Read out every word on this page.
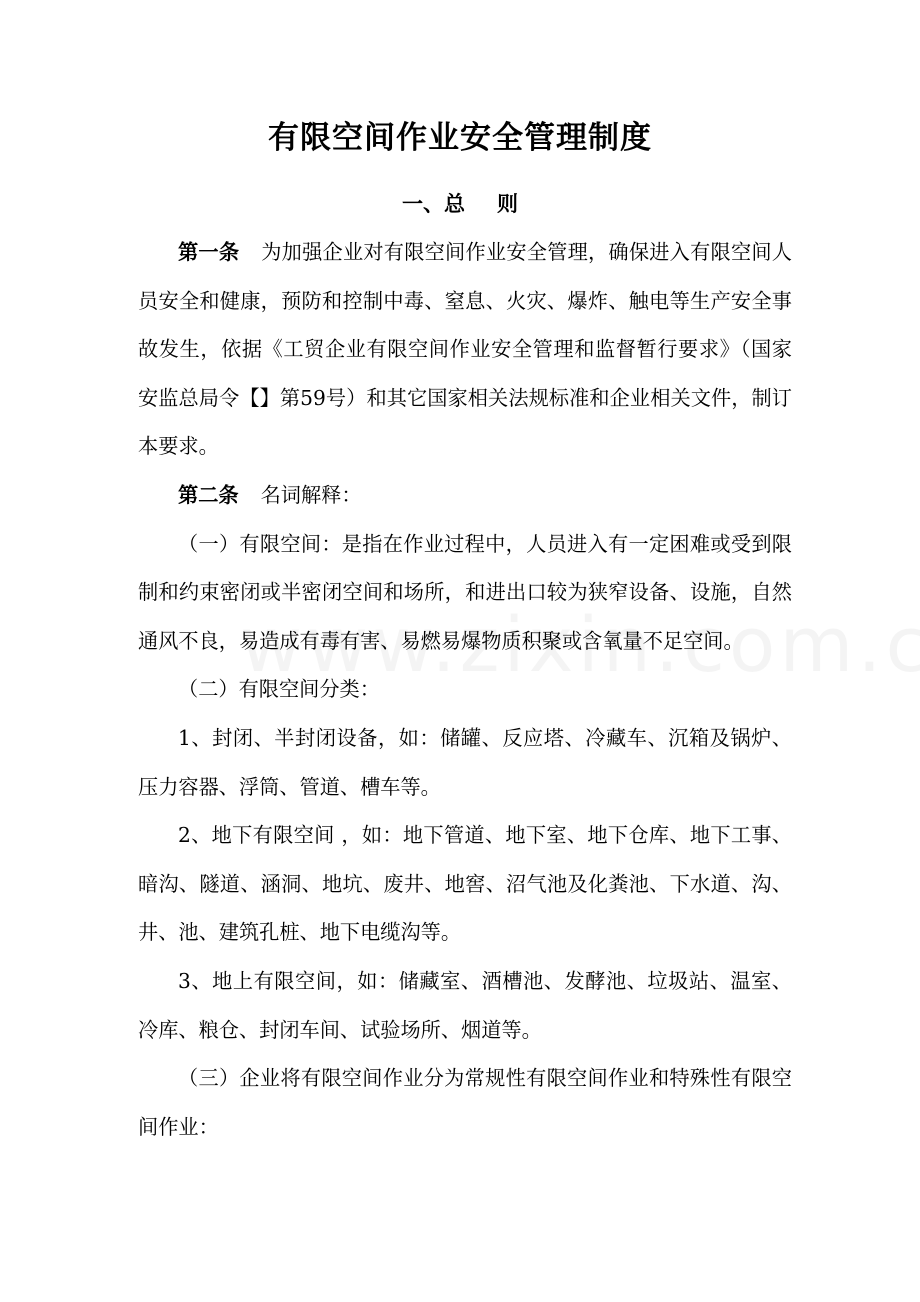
有限空间作业安全管理制度
一、总 则

第一条 为加强企业对有限空间作业安全管理，确保进入有限空间人员安全和健康，预防和控制中毒、窒息、火灾、爆炸、触电等生产安全事故发生，依据《工贸企业有限空间作业安全管理和监督暂行要求》（国家安监总局令【】第59号）和其它国家相关法规标准和企业相关文件，制订本要求。

第二条 名词解释：

（一）有限空间：是指在作业过程中，人员进入有一定困难或受到限制和约束密闭或半密闭空间和场所，和进出口较为狭窄设备、设施，自然通风不良，易造成有毒有害、易燃易爆物质积聚或含氧量不足空间。

（二）有限空间分类：

1、封闭、半封闭设备，如：储罐、反应塔、冷藏车、沉箱及锅炉、压力容器、浮筒、管道、槽车等。

2、地下有限空间 ，如：地下管道、地下室、地下仓库、地下工事、暗沟、隧道、涵洞、地坑、废井、地窖、沼气池及化粪池、下水道、沟、井、池、建筑孔桩、地下电缆沟等。

3、地上有限空间，如：储藏室、酒槽池、发酵池、垃圾站、温室、冷库、粮仓、封闭车间、试验场所、烟道等。

（三）企业将有限空间作业分为常规性有限空间作业和特殊性有限空间作业：
